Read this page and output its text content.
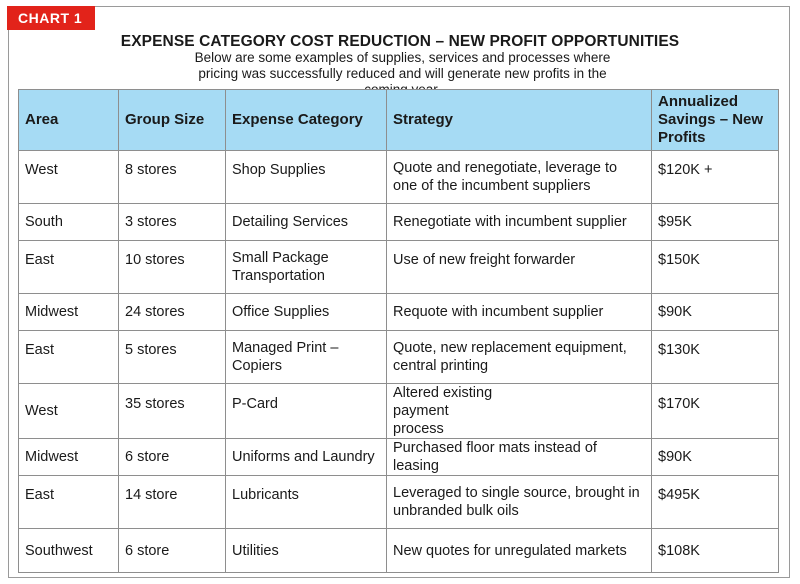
CHART 1
EXPENSE CATEGORY COST REDUCTION – NEW PROFIT OPPORTUNITIES
Below are some examples of supplies, services and processes where pricing was successfully reduced and will generate new profits in the
Area	Group Size	Expense Category	Strategy	Annualized Savings – New Profits

West	8 stores	Shop Supplies	Quote and renegotiate, leverage to one of the incumbent suppliers	$120K +

South	3 stores	Detailing Services	Renegotiate with incumbent supplier	$95K

East	10 stores	Small Package Transportation	Use of new freight forwarder	$150K

Midwest	24 stores	Office Supplies	Requote with incumbent supplier	$90K

East	5 stores	Managed Print – Copiers	Quote, new replacement equipment, central printing	$130K

West	35 stores	P-Card	Altered existing payment process	$170K

Midwest	6 store	Uniforms and Laundry	Purchased floor mats instead of leasing	$90K

East	14 store	Lubricants	Leveraged to single source, brought in unbranded bulk oils	$495K

Southwest	6 store	Utilities	New quotes for unregulated markets	$108K
